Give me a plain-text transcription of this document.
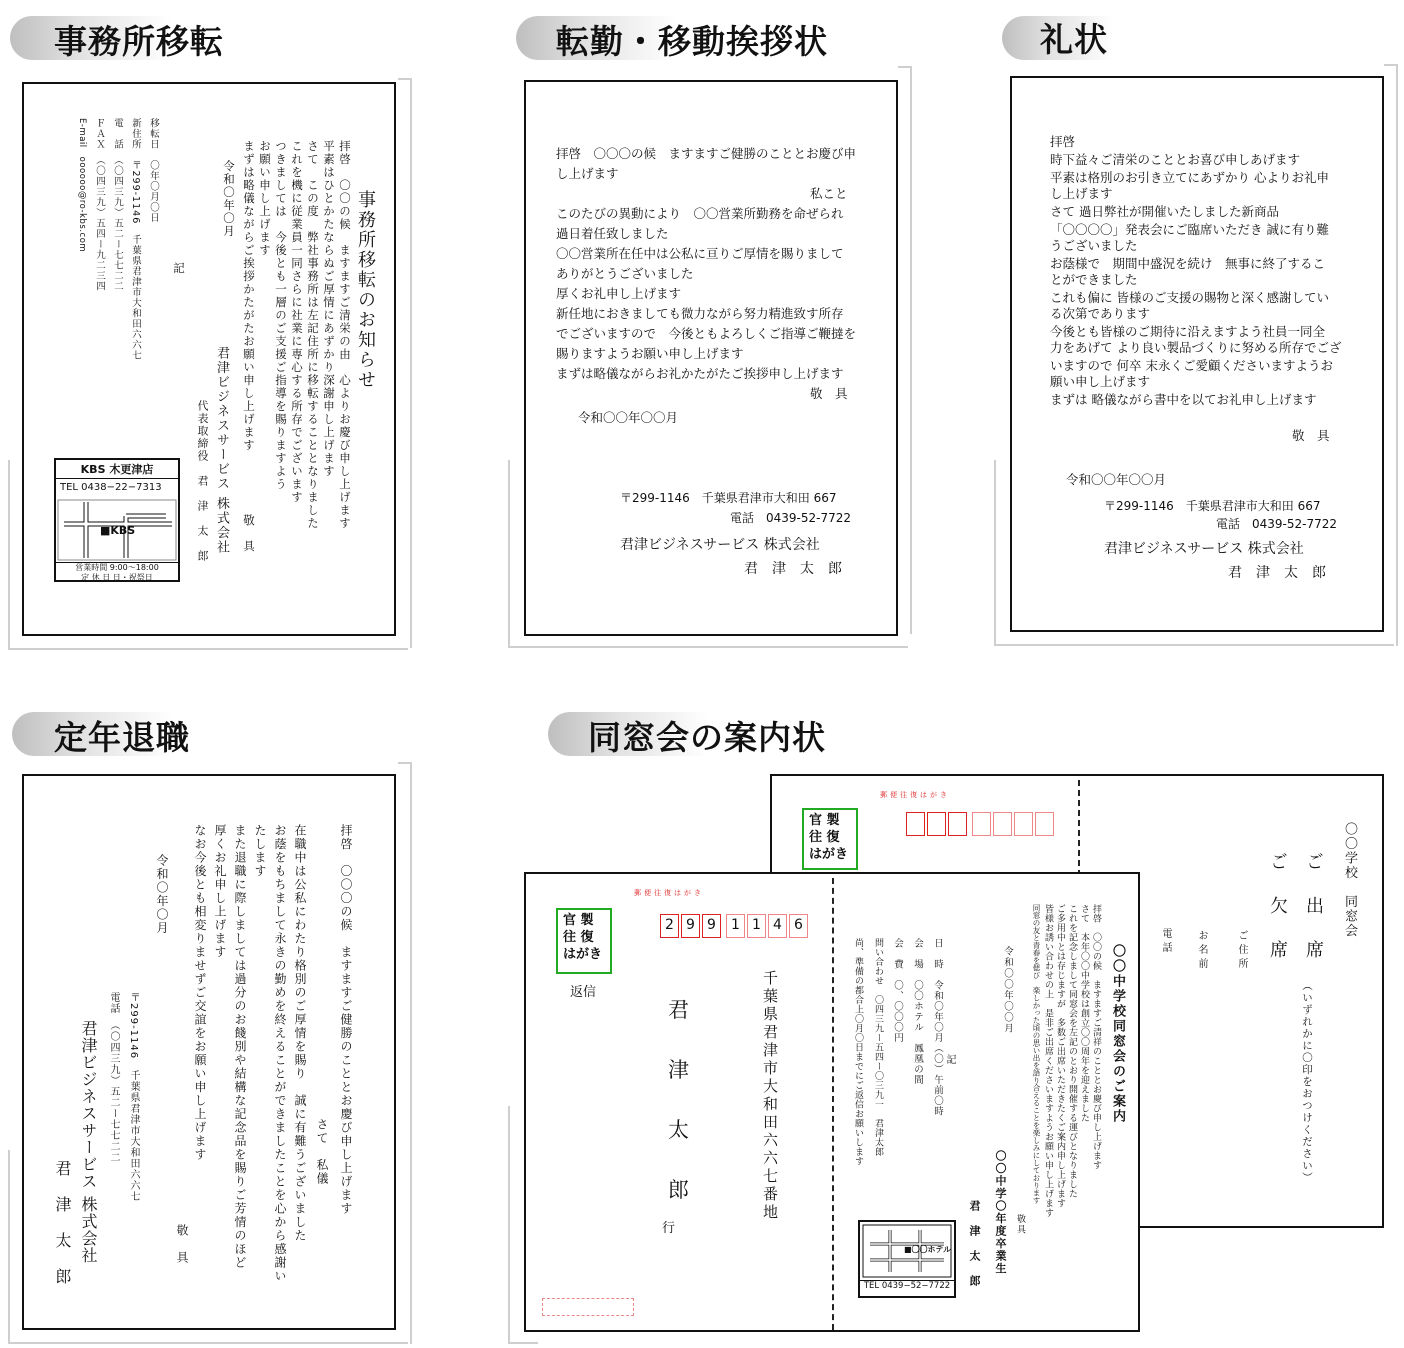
事務所移転
事務所移転のお知らせ
拝啓　〇〇の候　ますますご清栄の由　心よりお慶び申し上げます
平素はひとかたならぬご厚情にあずかり深謝申し上げます
さて　この度　弊社事務所は左記住所に移転することとなりました
これを機に従業員一同さらに社業に専心する所存でございます
つきましては　今後とも一層のご支援ご指導を賜りますよう
お願い申し上げます
まずは略儀ながらご挨拶かたがたお願い申し上げます
敬　具
令和〇年〇月
君津ビジネスサービス 株式会社
代表取締役　君　津　太　郎
記
移転日　〇年〇月〇日
新住所　〒299-1146　千葉県君津市大和田六六七
電　話　（〇四三九）五二ー七七二二
ＦＡＸ　（〇四三九）五四ー九二三四
E-mail　oooooo@ro-kbs.com
KBS 木更津店
TEL 0438−22−7313
■KBS
営業時間 9:00〜18:00
定 休 日 日・祝祭日
転勤・移動挨拶状
拝啓　〇〇〇の候　ますますご健勝のこととお慶び申
し上げます
私こと
このたびの異動により　〇〇営業所勤務を命ぜられ
過日着任致しました
〇〇営業所在任中は公私に亘りご厚情を賜りまして
ありがとうございました
厚くお礼申し上げます
新任地におきましても微力ながら努力精進致す所存
でございますので　今後ともよろしくご指導ご鞭撻を
賜りますようお願い申し上げます
まずは略儀ながらお礼かたがたご挨拶申し上げます
敬　具
令和〇〇年〇〇月
〒299-1146　千葉県君津市大和田 667
電話　0439-52-7722
君津ビジネスサービス 株式会社
君　津　太　郎
礼状
拝啓
時下益々ご清栄のこととお喜び申しあげます
平素は格別のお引き立てにあずかり 心よりお礼申
し上げます
さて 過日弊社が開催いたしました新商品
「〇〇〇〇」発表会にご臨席いただき 誠に有り難
うございました
お蔭様で　期間中盛況を続け　無事に終了するこ
とができました
これも偏に 皆様のご支援の賜物と深く感謝してい
る次第であります
今後とも皆様のご期待に沿えますよう社員一同全
力をあげて より良い製品づくりに努める所存でござ
いますので 何卒 末永くご愛顧くださいますようお
願い申し上げます
まずは 略儀ながら書中を以てお礼申し上げます
敬　具
令和〇〇年〇〇月
〒299-1146　千葉県君津市大和田 667
電話　0439-52-7722
君津ビジネスサービス 株式会社
君　津　太　郎
定年退職
拝啓　〇〇〇の候　ますますご健勝のこととお慶び申し上げます
さて　私儀
在職中は公私にわたり格別のご厚情を賜り　誠に有難うございました
お蔭をもちまして永きの勤めを終えることができましたことを心から感謝い
たします
また退職に際しましては過分のお餞別や結構な記念品を賜りご芳情のほど
厚くお礼申し上げます
なお今後とも相変りませずご交誼をお願い申し上げます
敬　具
令和〇年〇月
〒299-1146　千葉県君津市大和田六六七
電話　（〇四三九）五二ー七七二二
君津ビジネスサービス 株式会社
君　津　太　郎
同窓会の案内状
郵便往復はがき
官 製
往 復
はがき	〇〇学校　同窓会
ご　出　席
ご　欠　席
（いずれかに〇印をおつけください）
ご住所
お名前
電話
郵便往復はがき
2 9 9	1 1 4 6
官 製
往 復
はがき
返信	千葉県君津市大和田六六七番地
君
津
太
郎
行
〇〇中学校同窓会のご案内
拝啓　〇〇の候　ますますご清祥のこととお慶び申し上げます
さて　本年〇〇中学校は創立〇〇周年を迎えました
これを記念しまして同窓会を左記のとおり開催する運びとなりました
ご多用中とは存じますが　多数ご出席いただきたくご案内申し上げます
皆様お誘い合わせの上　是非ご出席くださいますようお願い申し上げます
同窓の友と青春を偲び　楽しかった頃の思い出を語り合えることを楽しみにしております
敬具
令和〇〇年〇〇月
〇〇中学〇年度卒業生
君　津　太　郎
記
日　時　令和〇年〇月（〇）午前〇時
会　場　〇〇ホテル　鳳凰の間
会　費　〇、〇〇〇円
問い合わせ　〇四三九ー五四ー〇三九一　君津太郎
尚、準備の都合上〇月〇日までにご返信お願いします
■〇〇ホテル
TEL 0439−52−7722
